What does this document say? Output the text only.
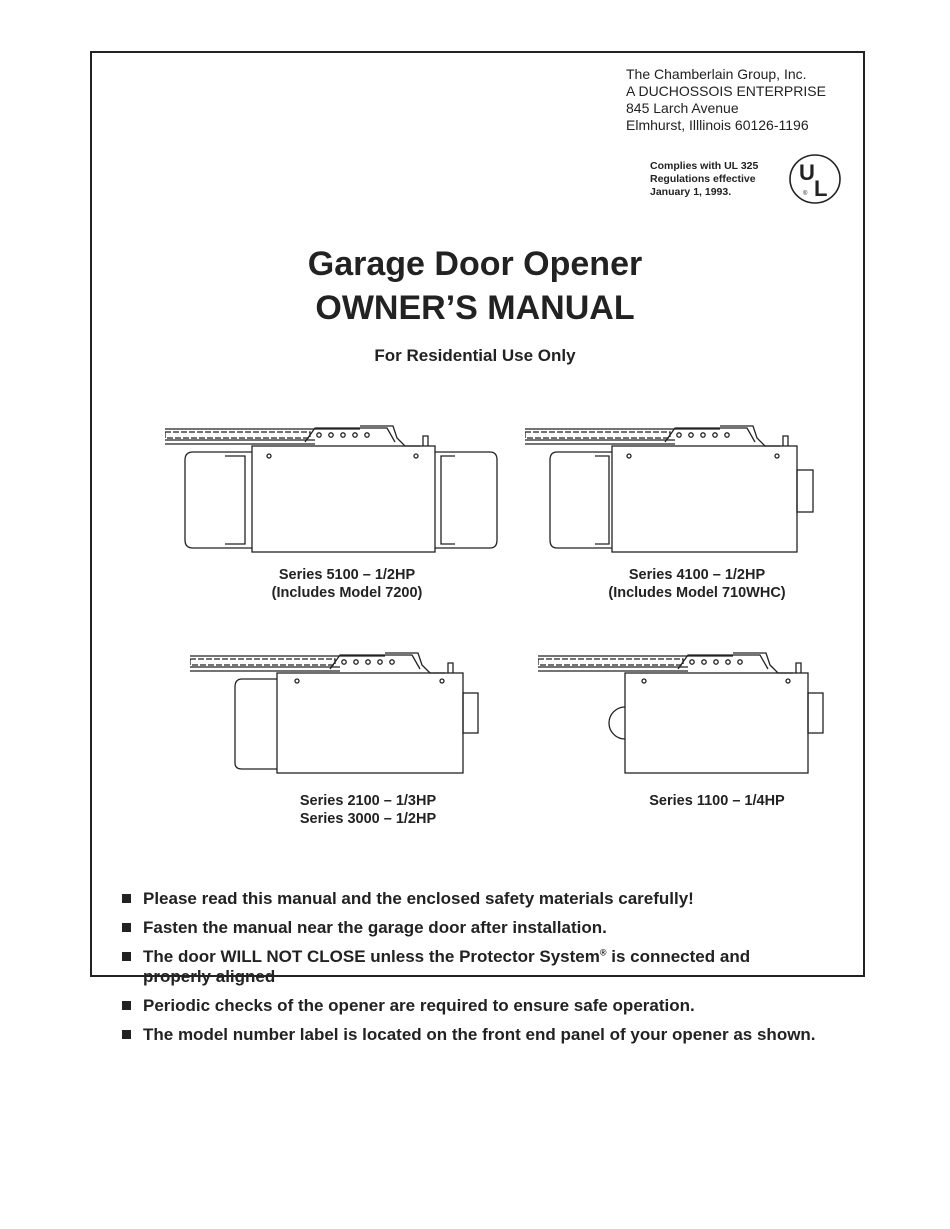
The Chamberlain Group, Inc.
A DUCHOSSOIS ENTERPRISE
845 Larch Avenue
Elmhurst, Illlinois 60126-1196
Complies with UL 325
Regulations effective
January 1, 1993.
U
L
®
Garage Door Opener
OWNER’S MANUAL
For Residential Use Only
Series 5100 – 1/2HP
(Includes Model 7200)
Series 4100 – 1/2HP
(Includes Model 710WHC)
Series 2100 – 1/3HP
Series 3000 – 1/2HP
Series 1100 – 1/4HP
Please read this manual and the enclosed safety materials carefully!
Fasten the manual near the garage door after installation.
The door WILL NOT CLOSE unless the Protector System® is connected and properly aligned
Periodic checks of the opener are required to ensure safe operation.
The model number label is located on the front end panel of your opener as shown.
